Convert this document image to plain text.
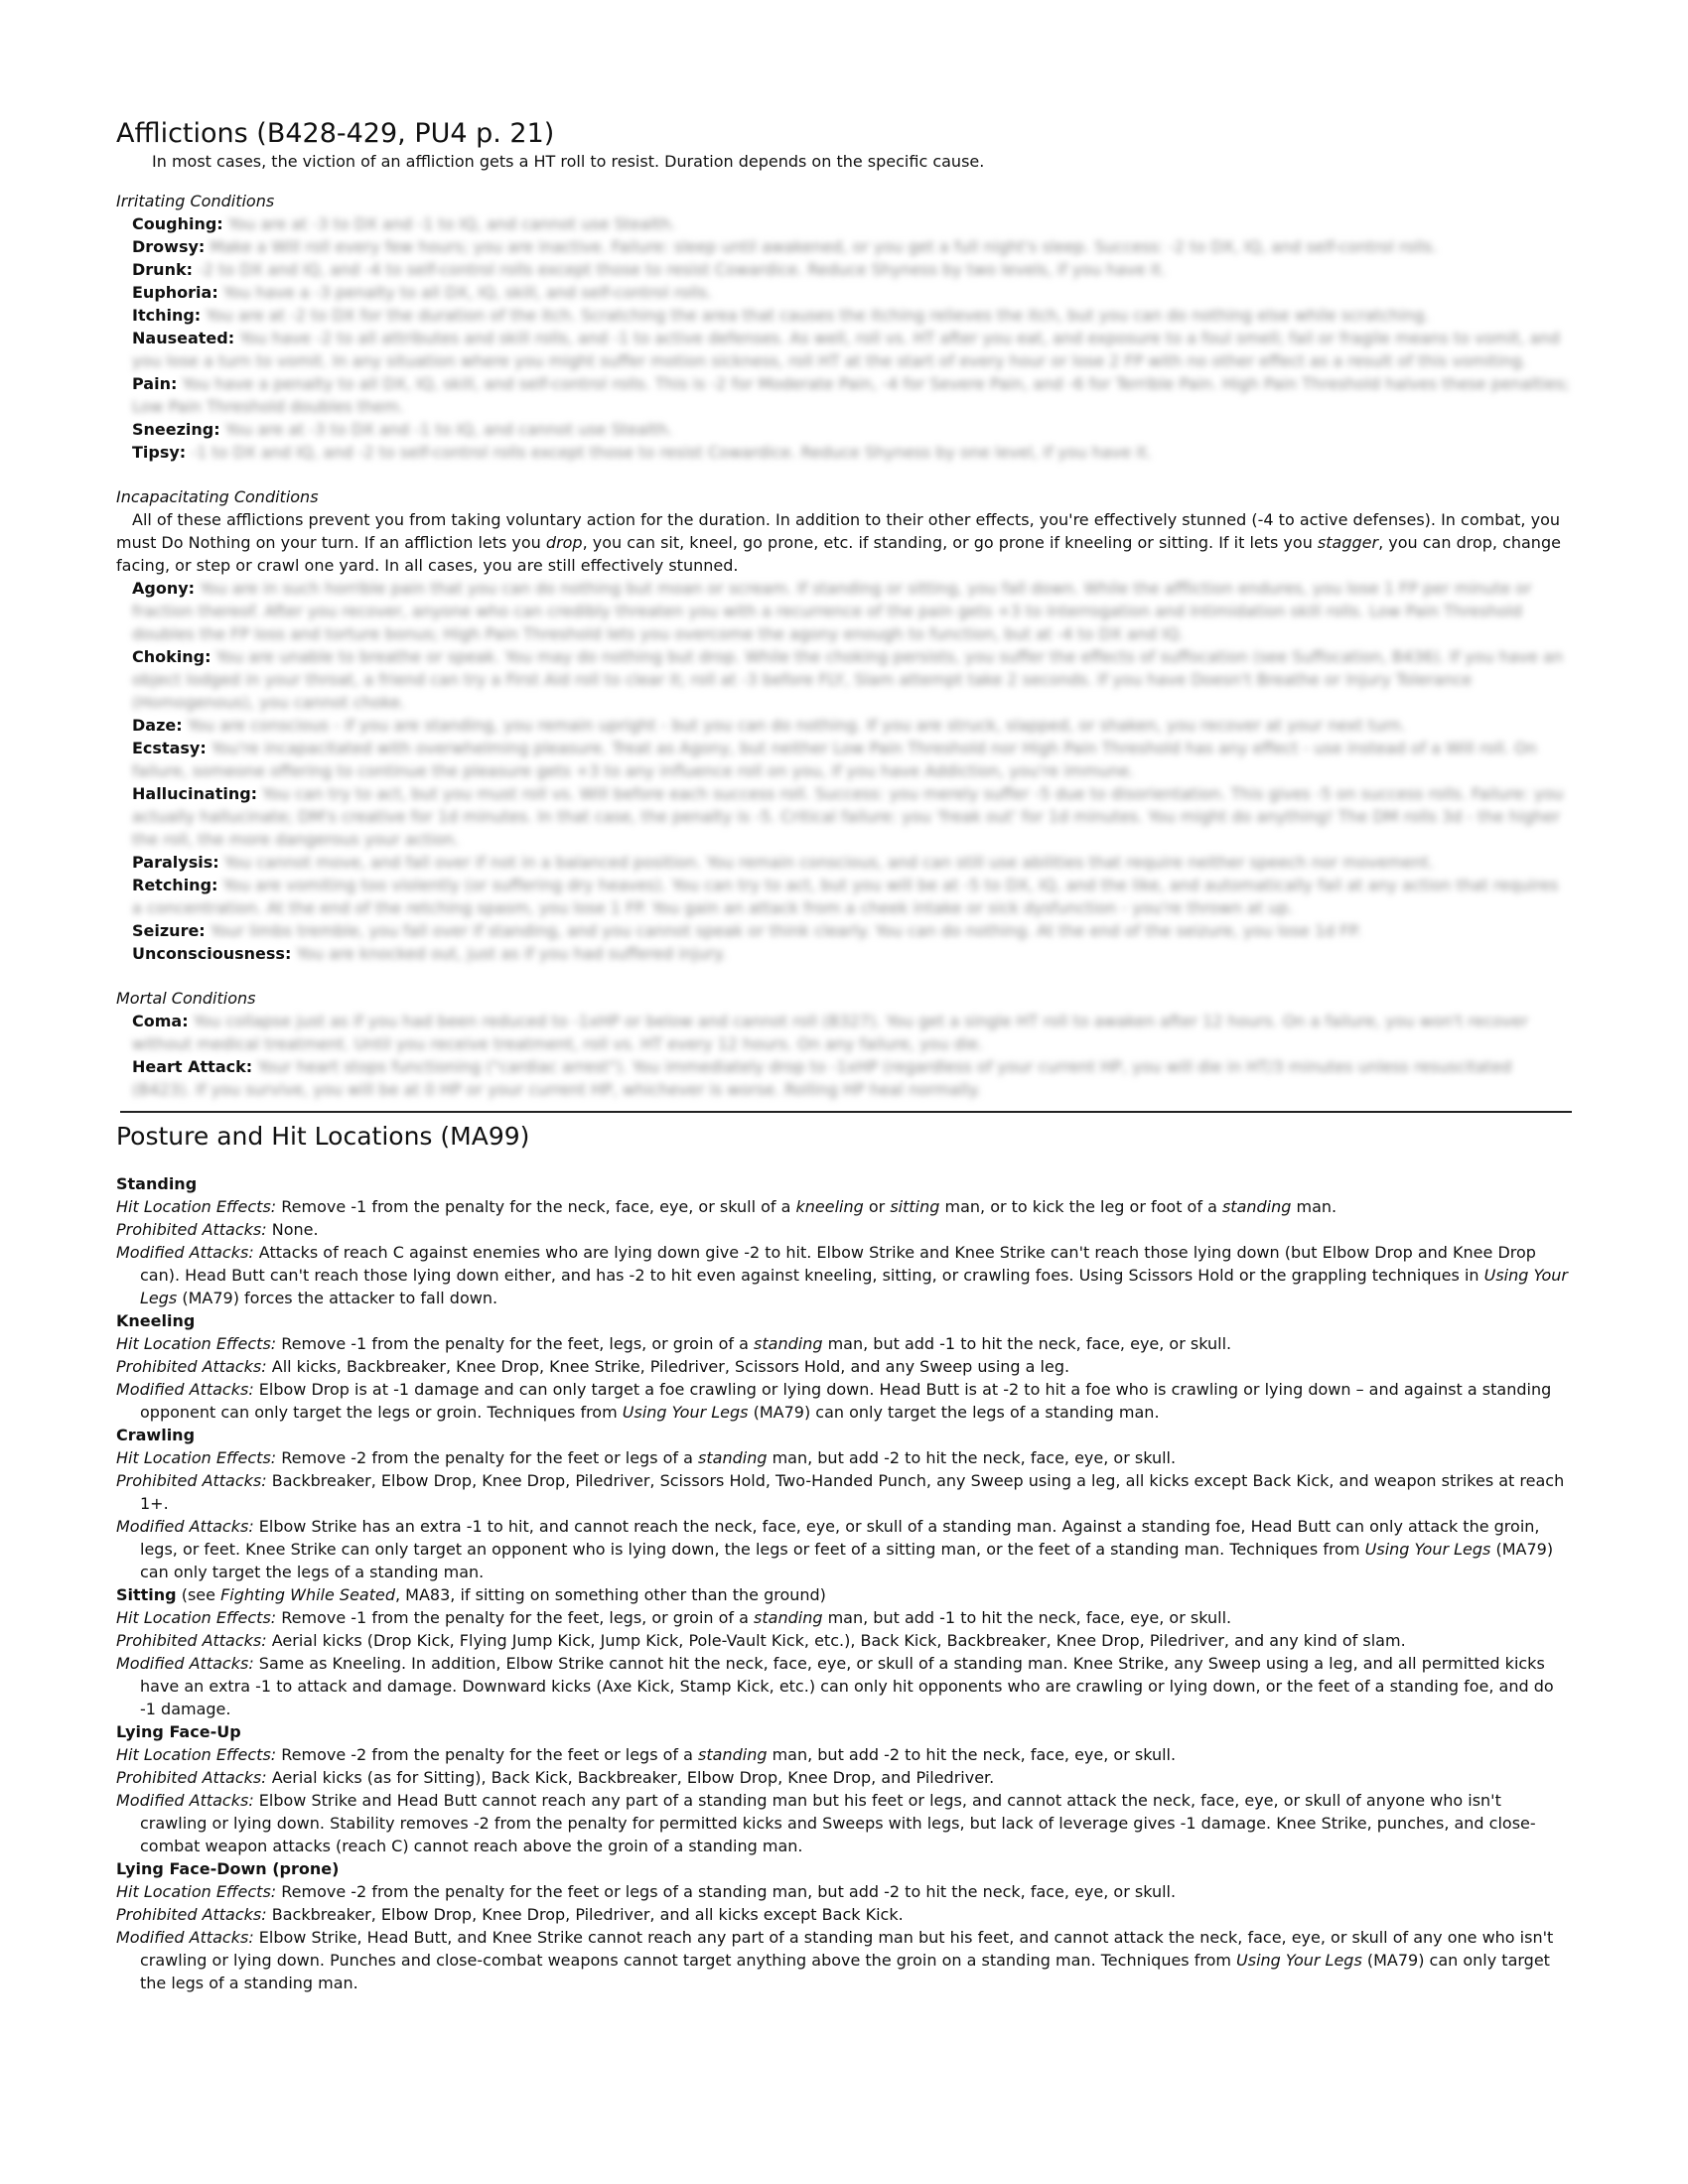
Afflictions (B428-429, PU4 p. 21)

In most cases, the viction of an affliction gets a HT roll to resist. Duration depends on the specific cause.

Irritating Conditions

Coughing: You are at -3 to DX and -1 to IQ, and cannot use Stealth.
Drowsy: Make a Will roll every few hours; you are inactive. Failure: sleep until awakened, or you get a full night's sleep. Success: -2 to DX, IQ, and self-control rolls.
Drunk: -2 to DX and IQ, and -4 to self-control rolls except those to resist Cowardice. Reduce Shyness by two levels, if you have it.
Euphoria: You have a -3 penalty to all DX, IQ, skill, and self-control rolls.
Itching: You are at -2 to DX for the duration of the itch. Scratching the area that causes the itching relieves the itch, but you can do nothing else while scratching.
Nauseated: You have -2 to all attributes and skill rolls, and -1 to active defenses. As well, roll vs. HT after you eat, and exposure to a foul smell; fail or fragile means to vomit, and you lose a turn to vomit. In any situation where you might suffer motion sickness, roll HT at the start of every hour or lose 2 FP with no other effect as a result of this vomiting.
Pain: You have a penalty to all DX, IQ, skill, and self-control rolls. This is -2 for Moderate Pain, -4 for Severe Pain, and -6 for Terrible Pain. High Pain Threshold halves these penalties; Low Pain Threshold doubles them.
Sneezing: You are at -3 to DX and -1 to IQ, and cannot use Stealth.
Tipsy: -1 to DX and IQ, and -2 to self-control rolls except those to resist Cowardice. Reduce Shyness by one level, if you have it.

Incapacitating Conditions

All of these afflictions prevent you from taking voluntary action for the duration. In addition to their other effects, you're effectively stunned (-4 to active defenses). In combat, you must Do Nothing on your turn. If an affliction lets you drop, you can sit, kneel, go prone, etc. if standing, or go prone if kneeling or sitting. If it lets you stagger, you can drop, change facing, or step or crawl one yard. In all cases, you are still effectively stunned.

Agony: You are in such horrible pain that you can do nothing but moan or scream. If standing or sitting, you fall down. While the affliction endures, you lose 1 FP per minute or fraction thereof. After you recover, anyone who can credibly threaten you with a recurrence of the pain gets +3 to Interrogation and Intimidation skill rolls. Low Pain Threshold doubles the FP loss and torture bonus; High Pain Threshold lets you overcome the agony enough to function, but at -4 to DX and IQ.
Choking: You are unable to breathe or speak. You may do nothing but drop. While the choking persists, you suffer the effects of suffocation (see Suffocation, B436). If you have an object lodged in your throat, a friend can try a First Aid roll to clear it; roll at -3 before FLY, Slam attempt take 2 seconds. If you have Doesn't Breathe or Injury Tolerance (Homogenous), you cannot choke.
Daze: You are conscious - if you are standing, you remain upright - but you can do nothing. If you are struck, slapped, or shaken, you recover at your next turn.
Ecstasy: You're incapacitated with overwhelming pleasure. Treat as Agony, but neither Low Pain Threshold nor High Pain Threshold has any effect - use instead of a Will roll. On failure, someone offering to continue the pleasure gets +3 to any influence roll on you, if you have Addiction, you're immune.
Hallucinating: You can try to act, but you must roll vs. Will before each success roll. Success: you merely suffer -5 due to disorientation. This gives -5 on success rolls. Failure: you actually hallucinate; DM's creative for 1d minutes. In that case, the penalty is -5. Critical failure: you 'freak out' for 1d minutes. You might do anything! The DM rolls 3d - the higher the roll, the more dangerous your action.
Paralysis: You cannot move, and fall over if not in a balanced position. You remain conscious, and can still use abilities that require neither speech nor movement.
Retching: You are vomiting too violently (or suffering dry heaves). You can try to act, but you will be at -5 to DX, IQ, and the like, and automatically fail at any action that requires a concentration. At the end of the retching spasm, you lose 1 FP. You gain an attack from a cheek intake or sick dysfunction - you're thrown at up.
Seizure: Your limbs tremble, you fall over if standing, and you cannot speak or think clearly. You can do nothing. At the end of the seizure, you lose 1d FP.
Unconsciousness: You are knocked out, just as if you had suffered injury.

Mortal Conditions

Coma: You collapse just as if you had been reduced to -1xHP or below and cannot roll (B327). You get a single HT roll to awaken after 12 hours. On a failure, you won't recover without medical treatment. Until you receive treatment, roll vs. HT every 12 hours. On any failure, you die.
Heart Attack: Your heart stops functioning ("cardiac arrest"). You immediately drop to -1xHP (regardless of your current HP, you will die in HT/3 minutes unless resuscitated (B423). If you survive, you will be at 0 HP or your current HP, whichever is worse. Rolling HP heal normally.
Posture and Hit Locations (MA99)

Standing

Hit Location Effects: Remove -1 from the penalty for the neck, face, eye, or skull of a kneeling or sitting man, or to kick the leg or foot of a standing man.

Prohibited Attacks: None.

Modified Attacks: Attacks of reach C against enemies who are lying down give -2 to hit. Elbow Strike and Knee Strike can't reach those lying down (but Elbow Drop and Knee Drop can). Head Butt can't reach those lying down either, and has -2 to hit even against kneeling, sitting, or crawling foes. Using Scissors Hold or the grappling techniques in Using Your Legs (MA79) forces the attacker to fall down.

Kneeling

Hit Location Effects: Remove -1 from the penalty for the feet, legs, or groin of a standing man, but add -1 to hit the neck, face, eye, or skull.

Prohibited Attacks: All kicks, Backbreaker, Knee Drop, Knee Strike, Piledriver, Scissors Hold, and any Sweep using a leg.

Modified Attacks: Elbow Drop is at -1 damage and can only target a foe crawling or lying down. Head Butt is at -2 to hit a foe who is crawling or lying down – and against a standing opponent can only target the legs or groin. Techniques from Using Your Legs (MA79) can only target the legs of a standing man.

Crawling

Hit Location Effects: Remove -2 from the penalty for the feet or legs of a standing man, but add -2 to hit the neck, face, eye, or skull.

Prohibited Attacks: Backbreaker, Elbow Drop, Knee Drop, Piledriver, Scissors Hold, Two-Handed Punch, any Sweep using a leg, all kicks except Back Kick, and weapon strikes at reach 1+.

Modified Attacks: Elbow Strike has an extra -1 to hit, and cannot reach the neck, face, eye, or skull of a standing man. Against a standing foe, Head Butt can only attack the groin, legs, or feet. Knee Strike can only target an opponent who is lying down, the legs or feet of a sitting man, or the feet of a standing man. Techniques from Using Your Legs (MA79) can only target the legs of a standing man.

Sitting (see Fighting While Seated, MA83, if sitting on something other than the ground)

Hit Location Effects: Remove -1 from the penalty for the feet, legs, or groin of a standing man, but add -1 to hit the neck, face, eye, or skull.

Prohibited Attacks: Aerial kicks (Drop Kick, Flying Jump Kick, Jump Kick, Pole-Vault Kick, etc.), Back Kick, Backbreaker, Knee Drop, Piledriver, and any kind of slam.

Modified Attacks: Same as Kneeling. In addition, Elbow Strike cannot hit the neck, face, eye, or skull of a standing man. Knee Strike, any Sweep using a leg, and all permitted kicks have an extra -1 to attack and damage. Downward kicks (Axe Kick, Stamp Kick, etc.) can only hit opponents who are crawling or lying down, or the feet of a standing foe, and do -1 damage.

Lying Face-Up

Hit Location Effects: Remove -2 from the penalty for the feet or legs of a standing man, but add -2 to hit the neck, face, eye, or skull.

Prohibited Attacks: Aerial kicks (as for Sitting), Back Kick, Backbreaker, Elbow Drop, Knee Drop, and Piledriver.

Modified Attacks: Elbow Strike and Head Butt cannot reach any part of a standing man but his feet or legs, and cannot attack the neck, face, eye, or skull of anyone who isn't crawling or lying down. Stability removes -2 from the penalty for permitted kicks and Sweeps with legs, but lack of leverage gives -1 damage. Knee Strike, punches, and close-combat weapon attacks (reach C) cannot reach above the groin of a standing man.

Lying Face-Down (prone)

Hit Location Effects: Remove -2 from the penalty for the feet or legs of a standing man, but add -2 to hit the neck, face, eye, or skull.

Prohibited Attacks: Backbreaker, Elbow Drop, Knee Drop, Piledriver, and all kicks except Back Kick.

Modified Attacks: Elbow Strike, Head Butt, and Knee Strike cannot reach any part of a standing man but his feet, and cannot attack the neck, face, eye, or skull of any one who isn't crawling or lying down. Punches and close-combat weapons cannot target anything above the groin on a standing man. Techniques from Using Your Legs (MA79) can only target the legs of a standing man.
